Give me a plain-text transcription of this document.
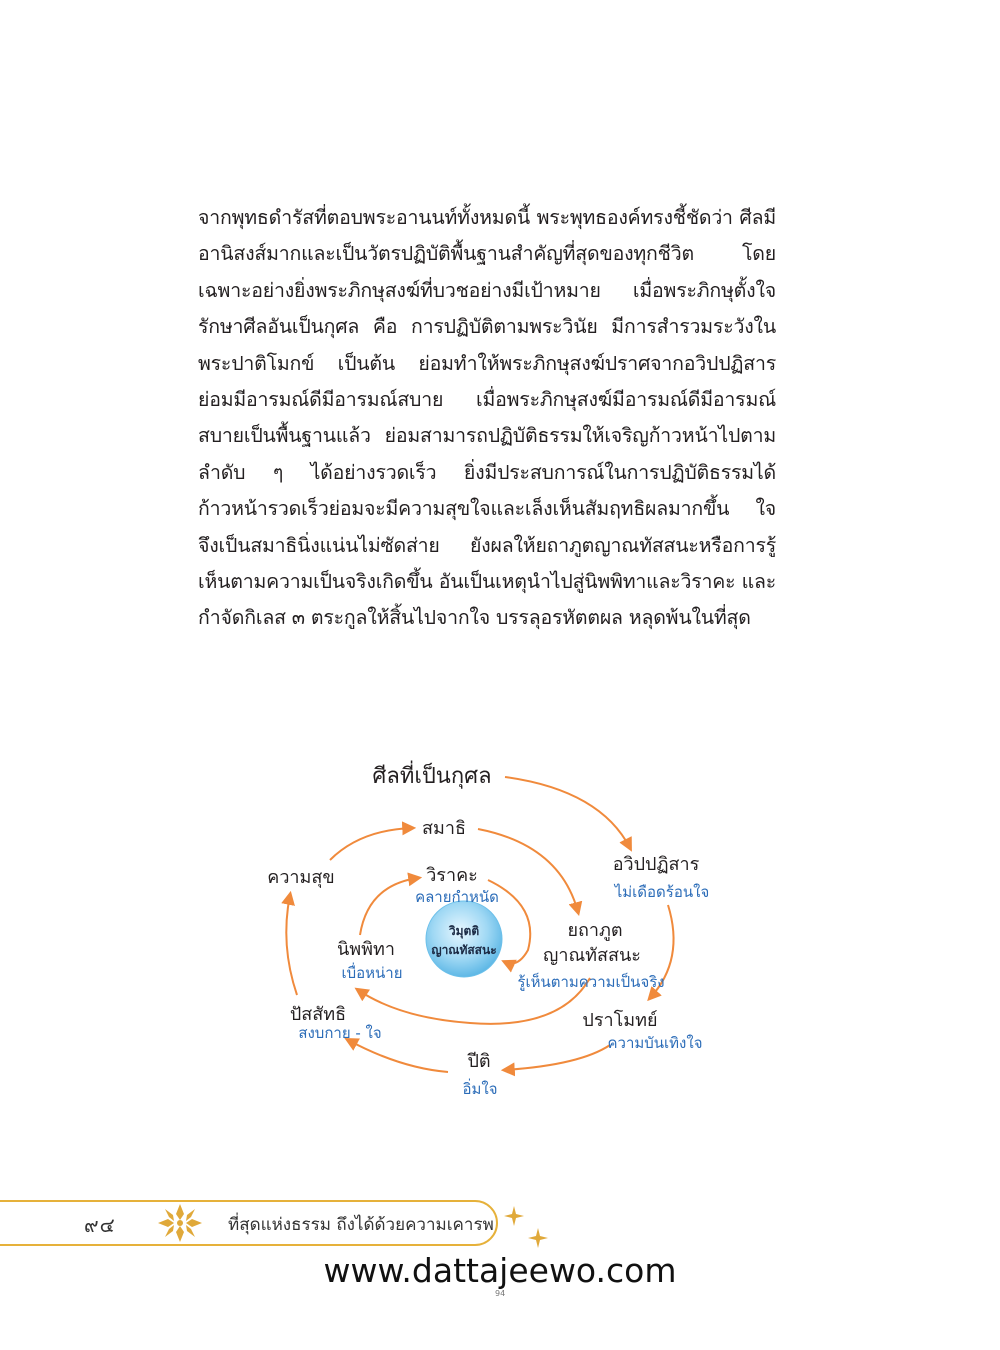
จากพุทธดำรัสที่ตอบพระอานนท์ทั้งหมดนี้ พระพุทธองค์ทรงชี้ชัดว่า ศีลมีอานิสงส์มากและเป็นวัตรปฏิบัติพื้นฐานสำคัญที่สุดของทุกชีวิต โดยเฉพาะอย่างยิ่งพระภิกษุสงฆ์ที่บวชอย่างมีเป้าหมาย เมื่อพระภิกษุตั้งใจรักษาศีลอันเป็นกุศล คือ การปฏิบัติตามพระวินัย มีการสำรวมระวังในพระปาติโมกข์ เป็นต้น ย่อมทำให้พระภิกษุสงฆ์ปราศจากอวิปปฏิสาร ย่อมมีอารมณ์ดีมีอารมณ์สบาย เมื่อพระภิกษุสงฆ์มีอารมณ์ดีมีอารมณ์สบายเป็นพื้นฐานแล้ว ย่อมสามารถปฏิบัติธรรมให้เจริญก้าวหน้าไปตามลำดับ ๆ ได้อย่างรวดเร็ว ยิ่งมีประสบการณ์ในการปฏิบัติธรรมได้ก้าวหน้ารวดเร็วย่อมจะมีความสุขใจและเล็งเห็นสัมฤทธิผลมากขึ้น ใจจึงเป็นสมาธินิ่งแน่นไม่ซัดส่าย ยังผลให้ยถาภูตญาณทัสสนะหรือการรู้เห็นตามความเป็นจริงเกิดขึ้น อันเป็นเหตุนำไปสู่นิพพิทาและวิราคะ และกำจัดกิเลส ๓ ตระกูลให้สิ้นไปจากใจ บรรลุอรหัตตผล หลุดพ้นในที่สุด

วิมุตติ
ญาณทัสสนะ
ศีลที่เป็นกุศล
สมาธิ
อวิปปฏิสาร
ไม่เดือดร้อนใจ
ยถาภูต
ญาณทัสสนะ
รู้เห็นตามความเป็นจริง
ปราโมทย์
ความบันเทิงใจ
ปีติ
อิ่มใจ
ปัสสัทธิ
สงบกาย - ใจ
ความสุข	วิราคะ
คลายกำหนัด
นิพพิทา
เบื่อหน่าย
๙๔	ที่สุดแห่งธรรม ถึงได้ด้วยความเคารพ
www.dattajeewo.com
94
